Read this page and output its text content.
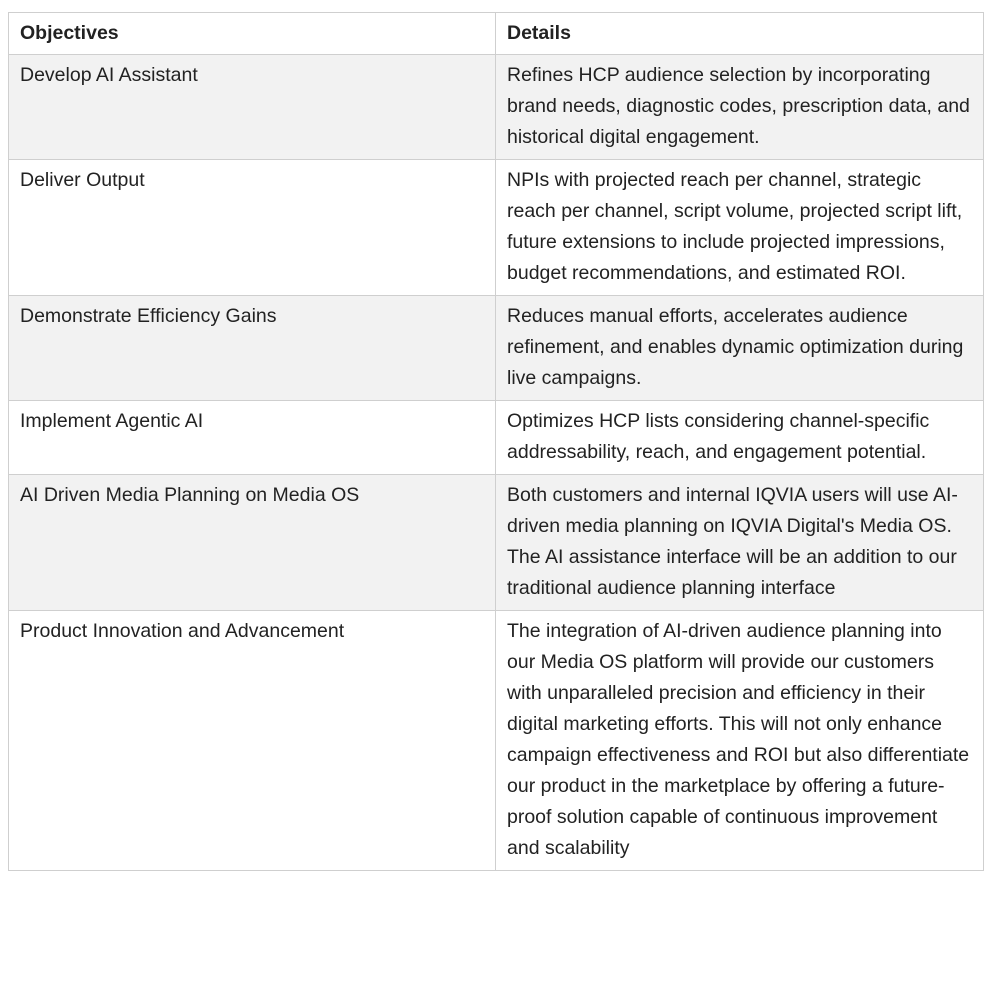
Objectives	Details
Develop AI Assistant	Refines HCP audience selection by incorporating brand needs, diagnostic codes, prescription data, and historical digital engagement.
Deliver Output	NPIs with projected reach per channel, strategic reach per channel, script volume, projected script lift, future extensions to include projected impressions, budget recommendations, and estimated ROI.
Demonstrate Efficiency Gains	Reduces manual efforts, accelerates audience refinement, and enables dynamic optimization during live campaigns.
Implement Agentic AI	Optimizes HCP lists considering channel-specific addressability, reach, and engagement potential.
AI Driven Media Planning on Media OS	Both customers and internal IQVIA users will use AI-driven media planning on IQVIA Digital's Media OS. The AI assistance interface will be an addition to our traditional audience planning interface
Product Innovation and Advancement	The integration of AI-driven audience planning into our Media OS platform will provide our customers with unparalleled precision and efficiency in their digital marketing efforts. This will not only enhance campaign effectiveness and ROI but also differentiate our product in the marketplace by offering a future-proof solution capable of continuous improvement and scalability
